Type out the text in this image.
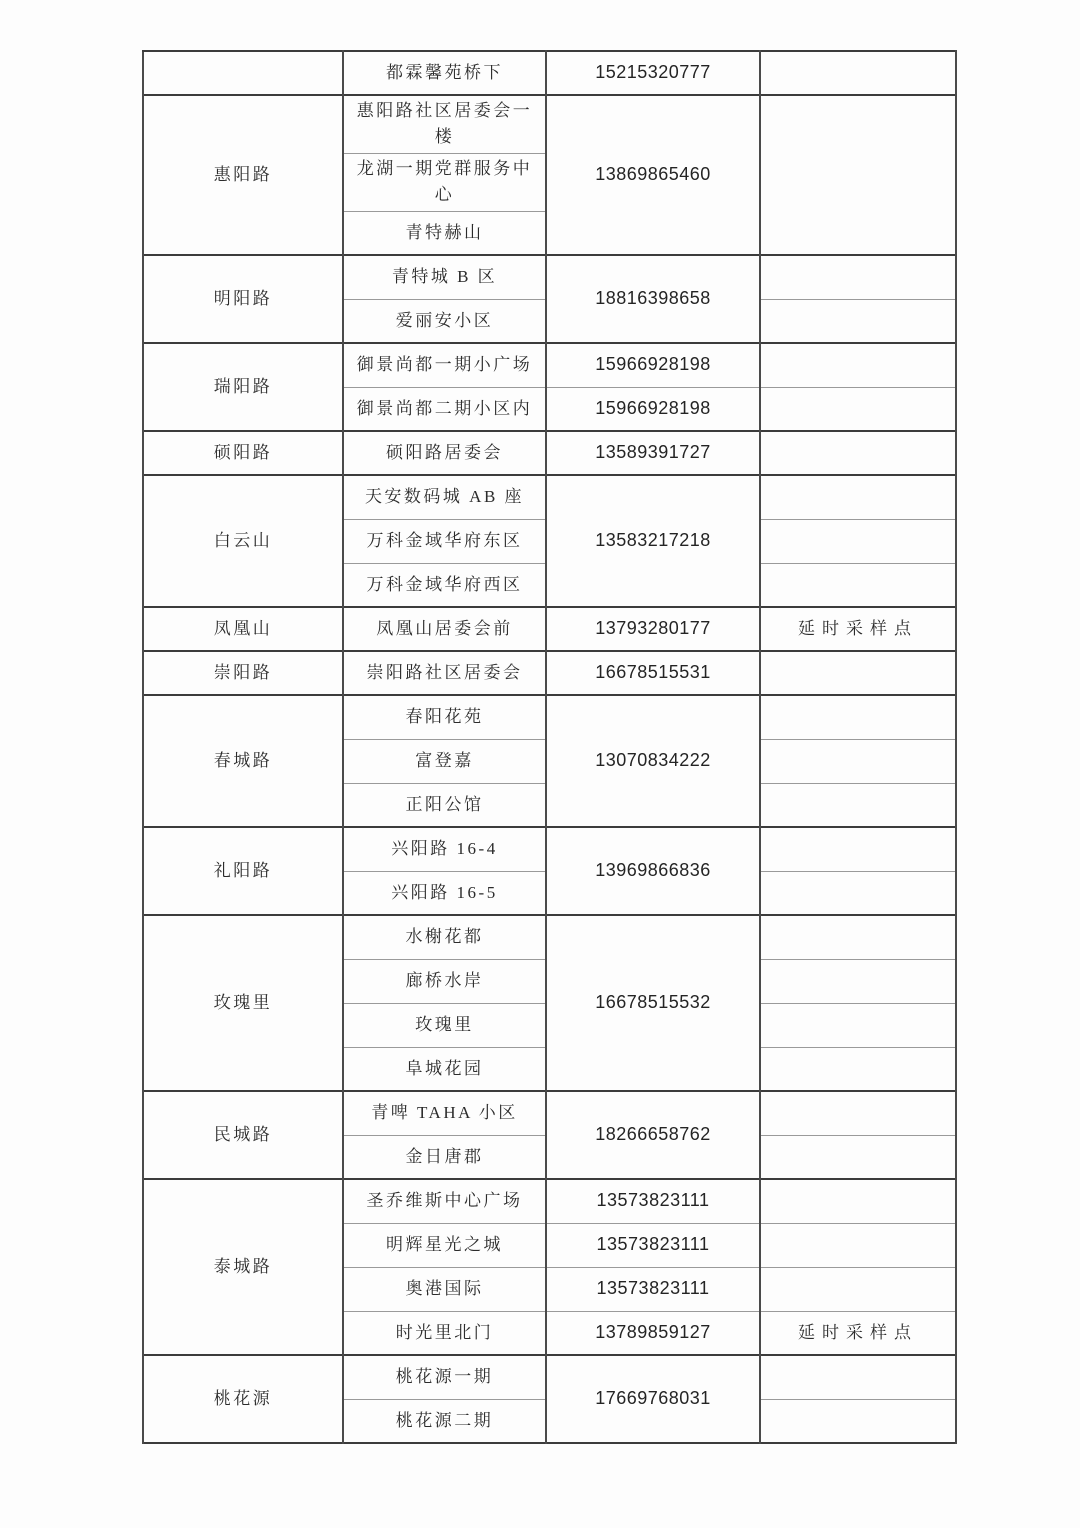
	都霖馨苑桥下	15215320777	
惠阳路	惠阳路社区居委会一楼	13869865460	
	龙湖一期党群服务中心		
	青特赫山		
明阳路	青特城 B 区	18816398658	
	爱丽安小区		
瑞阳路	御景尚都一期小广场	15966928198	
	御景尚都二期小区内	15966928198	
硕阳路	硕阳路居委会	13589391727	
白云山	天安数码城 AB 座	13583217218	
	万科金域华府东区		
	万科金域华府西区		
凤凰山	凤凰山居委会前	13793280177	延时采样点
崇阳路	崇阳路社区居委会	16678515531	
春城路	春阳花苑	13070834222	
	富登嘉		
	正阳公馆		
礼阳路	兴阳路 16-4	13969866836	
	兴阳路 16-5		
玫瑰里	水榭花都	16678515532	
	廊桥水岸		
	玫瑰里		
	阜城花园		
民城路	青啤 TAHA 小区	18266658762	
	金日唐郡		
泰城路	圣乔维斯中心广场	13573823111	
	明辉星光之城	13573823111	
	奥港国际	13573823111	
	时光里北门	13789859127	延时采样点
桃花源	桃花源一期	17669768031	
	桃花源二期		
